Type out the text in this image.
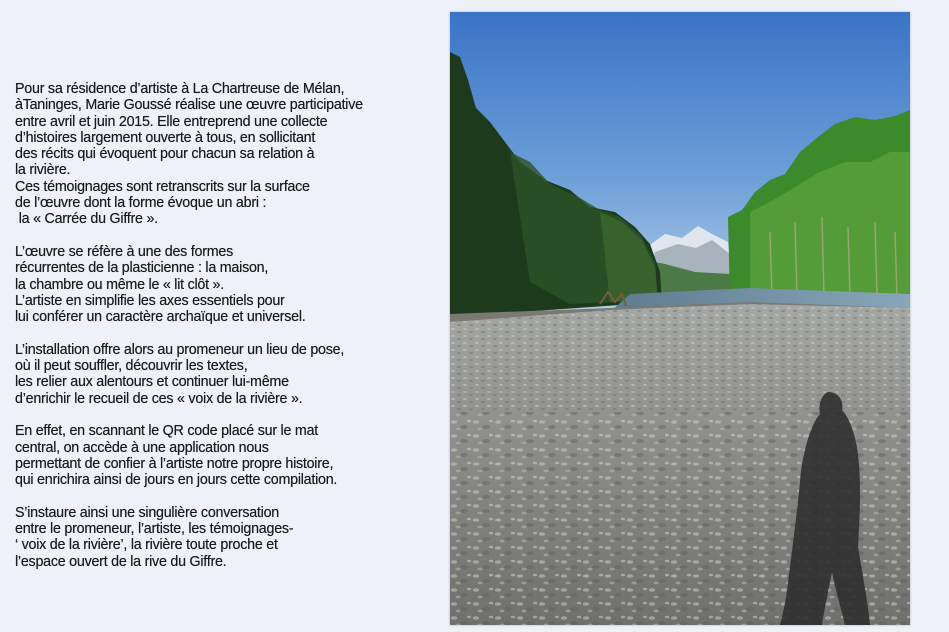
Pour sa résidence d’artiste à La Chartreuse de Mélan,
àTaninges, Marie Goussé réalise une œuvre participative
entre avril et juin 2015. Elle entreprend une collecte
d’histoires largement ouverte à tous, en sollicitant
des récits qui évoquent pour chacun sa relation à
la rivière.
Ces témoignages sont retranscrits sur la surface
de l’œuvre dont la forme évoque un abri :
la « Carrée du Giffre ».
L’œuvre se réfère à une des formes
récurrentes de la plasticienne : la maison,
la chambre ou même le « lit clôt ».
L’artiste en simplifie les axes essentiels pour
lui conférer un caractère archaïque et universel.
L’installation offre alors au promeneur un lieu de pose,
où il peut souffler, découvrir les textes,
les relier aux alentours et continuer lui-même
d’enrichir le recueil de ces « voix de la rivière ».
En effet, en scannant le QR code placé sur le mat
central, on accède à une application nous
permettant de confier à l’artiste notre propre histoire,
qui enrichira ainsi de jours en jours cette compilation.
S’instaure ainsi une singulière conversation
entre le promeneur, l’artiste, les témoignages-
‘ voix de la rivière’, la rivière toute proche et
l’espace ouvert de la rive du Giffre.
